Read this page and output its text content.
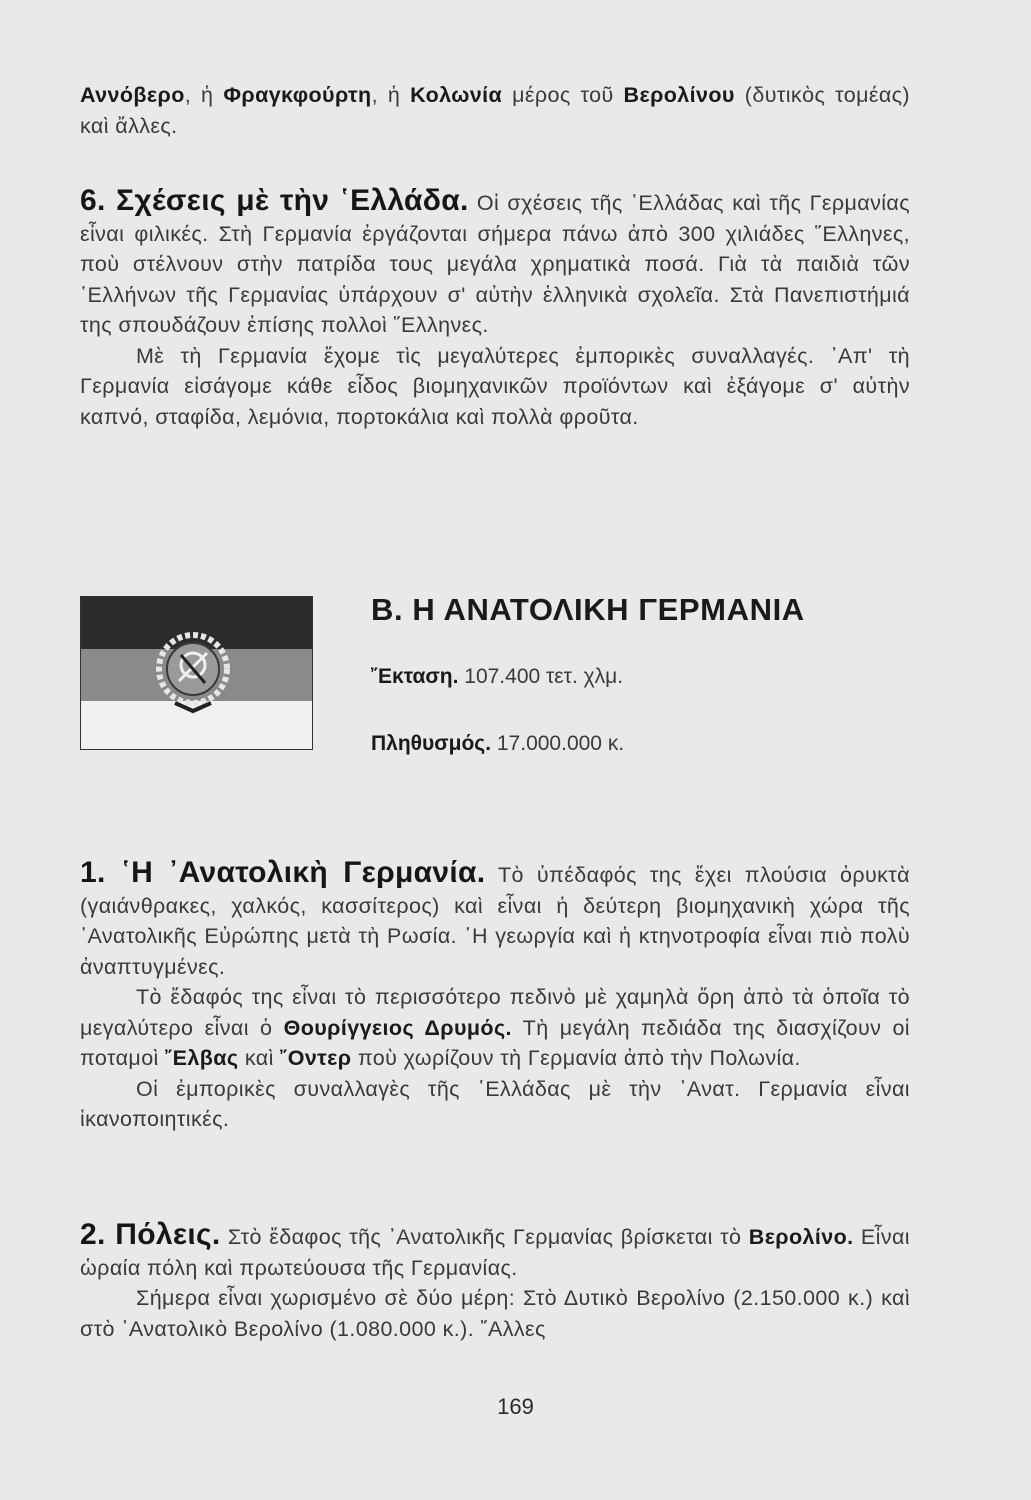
Αννόβερο, ἡ Φραγκφούρτη, ἡ Κολωνία μέρος τοῦ Βερολίνου (δυτικὸς τομέας) καὶ ἄλλες.

6. Σχέσεις μὲ τὴν ῾Ελλάδα. Οἱ σχέσεις τῆς ῾Ελλάδας καὶ τῆς Γερμανίας εἶναι φιλικές. Στὴ Γερμανία ἐργάζονται σήμερα πάνω ἀπὸ 300 χιλιάδες ῞Ελληνες, ποὺ στέλνουν στὴν πατρίδα τους μεγάλα χρηματικὰ ποσά. Γιὰ τὰ παιδιὰ τῶν ῾Ελλήνων τῆς Γερμανίας ὑπάρχουν σ' αὐτὴν ἑλληνικὰ σχολεῖα. Στὰ Πανεπιστήμιά της σπουδάζουν ἐπίσης πολλοὶ ῞Ελληνες.

Μὲ τὴ Γερμανία ἔχομε τὶς μεγαλύτερες ἐμπορικὲς συναλλαγές. ᾿Απ' τὴ Γερμανία εἰσάγομε κάθε εἶδος βιομηχανικῶν προϊόντων καὶ ἐξάγομε σ' αὐτὴν καπνό, σταφίδα, λεμόνια, πορτοκάλια καὶ πολλὰ φροῦτα.

Β. Η ΑΝΑΤΟΛΙΚΗ ΓΕΡΜΑΝΙΑ
῎Εκταση. 107.400 τετ. χλμ.
Πληθυσμός. 17.000.000 κ.

1. ῾Η ᾿Ανατολικὴ Γερμανία. Τὸ ὑπέδαφός της ἔχει πλούσια ὀρυκτὰ (γαιάνθρακες, χαλκός, κασσίτερος) καὶ εἶναι ἡ δεύτερη βιομηχανικὴ χώρα τῆς ᾿Ανατολικῆς Εὐρώπης μετὰ τὴ Ρωσία. ῾Η γεωργία καὶ ἡ κτηνοτροφία εἶναι πιὸ πολὺ ἀναπτυγμένες.

Τὸ ἔδαφός της εἶναι τὸ περισσότερο πεδινὸ μὲ χαμηλὰ ὄρη ἀπὸ τὰ ὁποῖα τὸ μεγαλύτερο εἶναι ὁ Θουρίγγειος Δρυμός. Τὴ μεγάλη πεδιάδα της διασχίζουν οἱ ποταμοὶ ῎Ελβας καὶ ῎Οντερ ποὺ χωρίζουν τὴ Γερμανία ἀπὸ τὴν Πολωνία.

Οἱ ἐμπορικὲς συναλλαγὲς τῆς ῾Ελλάδας μὲ τὴν ᾿Ανατ. Γερμανία εἶναι ἱκανοποιητικές.

2. Πόλεις. Στὸ ἔδαφος τῆς ᾿Ανατολικῆς Γερμανίας βρίσκεται τὸ Βερολίνο. Εἶναι ὡραία πόλη καὶ πρωτεύουσα τῆς Γερμανίας.

Σήμερα εἶναι χωρισμένο σὲ δύο μέρη: Στὸ Δυτικὸ Βερολίνο (2.150.000 κ.) καὶ στὸ ᾿Ανατολικὸ Βερολίνο (1.080.000 κ.). ῎Αλλες

169
